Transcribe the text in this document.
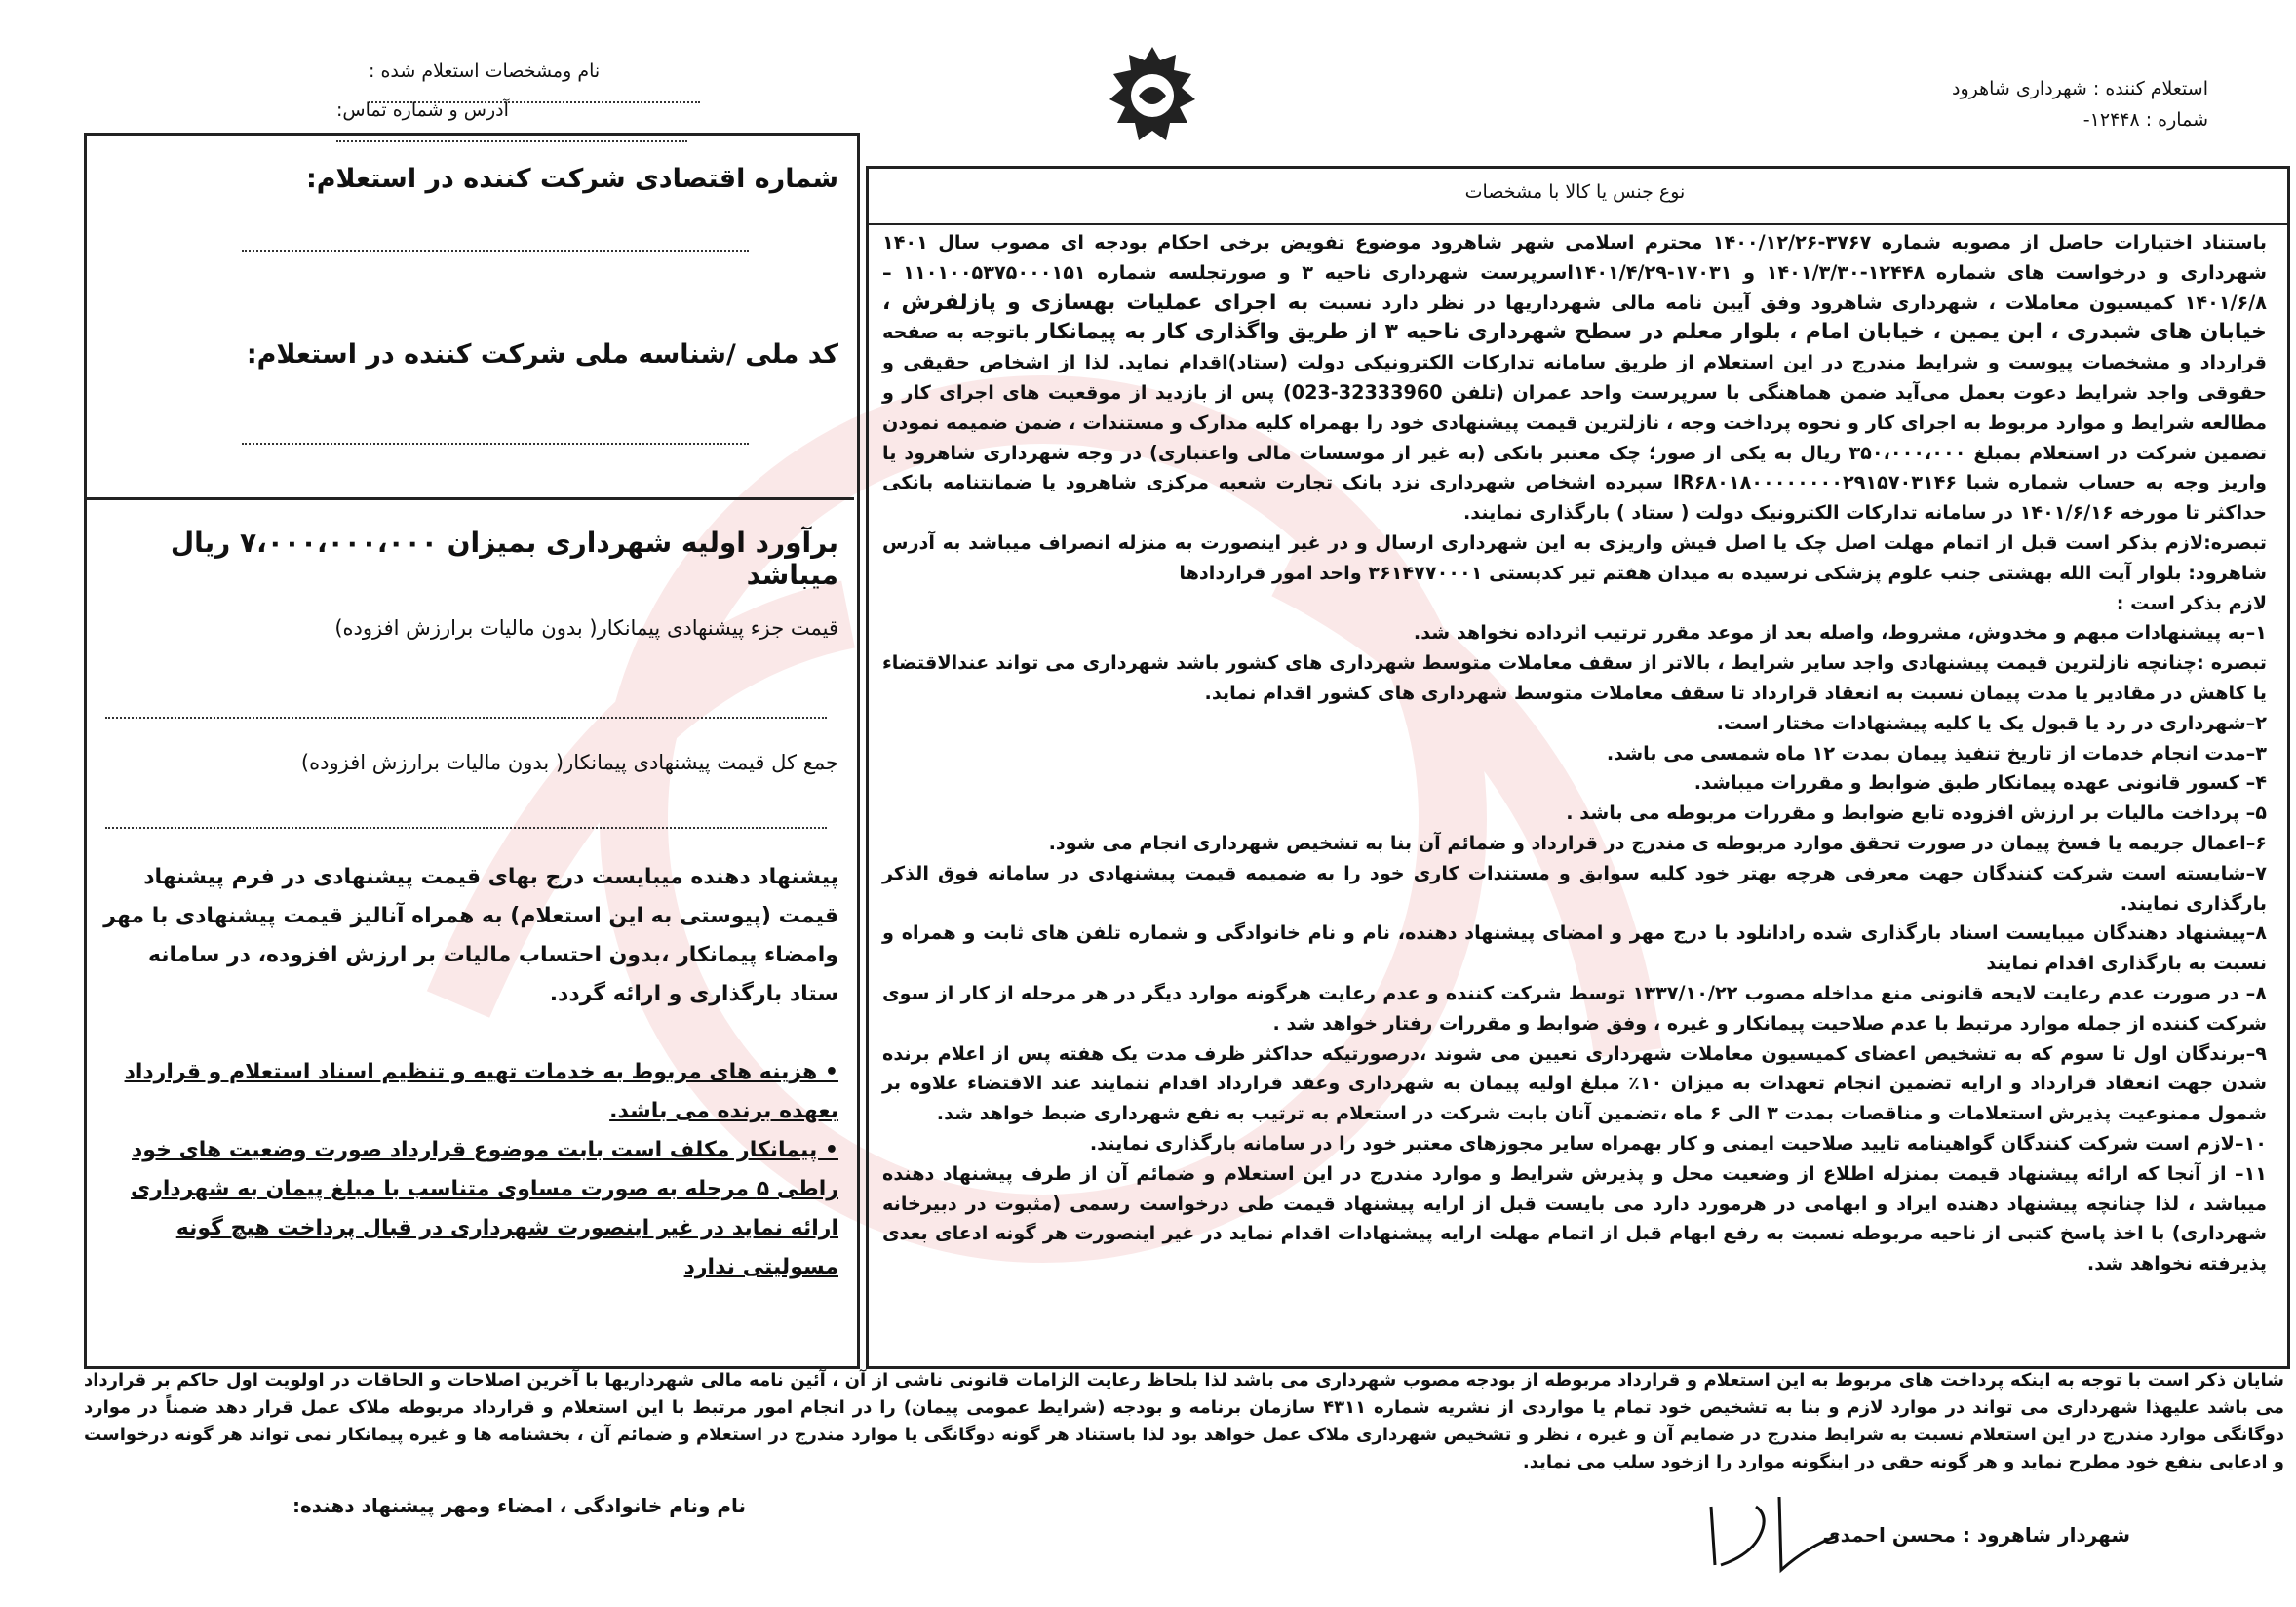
استعلام کننده : شهرداری شاهرود
شماره : ۱۲۴۴۸-
نام ومشخصات استعلام شده :
آدرس و شماره تماس:
نوع جنس یا کالا با مشخصات
شماره اقتصادی شرکت کننده در استعلام:
کد ملی /شناسه ملی شرکت کننده در استعلام:
برآورد اولیه شهرداری بمیزان ۷،۰۰۰،۰۰۰،۰۰۰ ریال میباشد
قیمت جزء پیشنهادی پیمانکار( بدون مالیات برارزش افزوده)
جمع کل قیمت پیشنهادی پیمانکار( بدون مالیات برارزش افزوده)
پیشنهاد دهنده میبایست درج بهای قیمت پیشنهادی در فرم پیشنهاد قیمت (پیوستی به این استعلام) به همراه آنالیز قیمت پیشنهادی با مهر وامضاء پیمانکار ،بدون احتساب مالیات بر ارزش افزوده، در سامانه ستاد بارگذاری و ارائه گردد.
• هزینه های مربوط به خدمات تهیه و تنظیم اسناد استعلام و قرارداد بعهده برنده می باشد.
• پیمانکار مکلف است بابت موضوع قرارداد صورت وضعیت های خود راطی ۵ مرحله به صورت مساوی متناسب با مبلغ پیمان به شهرداری ارائه نماید در غیر اینصورت شهرداری در قبال پرداخت هیچ گونه مسولیتی ندارد

باستناد اختیارات حاصل از مصوبه شماره ۳۷۶۷-۱۴۰۰/۱۲/۲۶ محترم اسلامی شهر شاهرود موضوع تفویض برخی احکام بودجه ای مصوب سال ۱۴۰۱ شهرداری و درخواست های شماره ۱۲۴۴۸-۱۴۰۱/۳/۳۰ و ۱۷۰۳۱-۱۴۰۱/۴/۲۹اسرپرست شهرداری ناحیه ۳ و صورتجلسه شماره ۱۱۰۱۰۰۵۳۷۵۰۰۰۱۵۱ – ۱۴۰۱/۶/۸ کمیسیون معاملات ، شهرداری شاهرود وفق آیین نامه مالی شهرداریها در نظر دارد نسبت به اجرای عملیات بهسازی و پازلفرش ، خیابان های شبدری ، ابن یمین ، خیابان امام ، بلوار معلم در سطح شهرداری ناحیه ۳ از طریق واگذاری کار به پیمانکار باتوجه به صفحه قرارداد و مشخصات پیوست و شرایط مندرج در این استعلام از طریق سامانه تدارکات الکترونیکی دولت (ستاد)اقدام نماید. لذا از اشخاص حقیقی و حقوقی واجد شرایط دعوت بعمل می‌آید ضمن هماهنگی با سرپرست واحد عمران (تلفن 32333960-023) پس از بازدید از موقعیت های اجرای کار و مطالعه شرایط و موارد مربوط به اجرای کار و نحوه پرداخت وجه ، نازلترین قیمت پیشنهادی خود را بهمراه کلیه مدارک و مستندات ، ضمن ضمیمه نمودن تضمین شرکت در استعلام بمبلغ ۳۵۰،۰۰۰،۰۰۰ ریال به یکی از صور؛ چک معتبر بانکی (به غیر از موسسات مالی واعتباری) در وجه شهرداری شاهرود یا واریز وجه به حساب شماره شبا IR۶۸۰۱۸۰۰۰۰۰۰۰۰۲۹۱۵۷۰۳۱۴۶ سپرده اشخاص شهرداری نزد بانک تجارت شعبه مرکزی شاهرود یا ضمانتنامه بانکی حداکثر تا مورخه ۱۴۰۱/۶/۱۶ در سامانه تدارکات الکترونیک دولت ( ستاد ) بارگذاری نمایند.

تبصره:لازم بذکر است قبل از اتمام مهلت اصل چک یا اصل فیش واریزی به این شهرداری ارسال و در غیر اینصورت به منزله انصراف میباشد به آدرس شاهرود: بلوار آیت الله بهشتی جنب علوم پزشکی نرسیده به میدان هفتم تیر کدپستی ۳۶۱۴۷۷۰۰۰۱ واحد امور قراردادها

لازم بذکر است :

۱–به پیشنهادات مبهم و مخدوش، مشروط، واصله بعد از موعد مقرر ترتیب اثرداده نخواهد شد.

تبصره :چنانچه نازلترین قیمت پیشنهادی واجد سایر شرایط ، بالاتر از سقف معاملات متوسط شهرداری های کشور باشد شهرداری می تواند عندالاقتضاء یا کاهش در مقادیر یا مدت پیمان نسبت به انعقاد قرارداد تا سقف معاملات متوسط شهرداری های کشور اقدام نماید.

۲–شهرداری در رد یا قبول یک یا کلیه پیشنهادات مختار است.

۳–مدت انجام خدمات از تاریخ تنفیذ پیمان بمدت ۱۲ ماه شمسی می باشد.

۴– کسور قانونی عهده پیمانکار طبق ضوابط و مقررات میباشد.

۵– پرداخت مالیات بر ارزش افزوده تابع ضوابط و مقررات مربوطه می باشد .

۶–اعمال جریمه یا فسخ پیمان در صورت تحقق موارد مربوطه ی مندرج در قرارداد و ضمائم آن بنا به تشخیص شهرداری انجام می شود.

۷–شایسته است شرکت کنندگان جهت معرفی هرچه بهتر خود کلیه سوابق و مستندات کاری خود را به ضمیمه قیمت پیشنهادی در سامانه فوق الذکر بارگذاری نمایند.

۸–پیشنهاد دهندگان میبایست اسناد بارگذاری شده رادانلود با درج مهر و امضای پیشنهاد دهنده، نام و نام خانوادگی و شماره تلفن های ثابت و همراه و نسبت به بارگذاری اقدام نمایند

۸– در صورت عدم رعایت لایحه قانونی منع مداخله مصوب ۱۳۳۷/۱۰/۲۲ توسط شرکت کننده و عدم رعایت هرگونه موارد دیگر در هر مرحله از کار از سوی شرکت کننده از جمله موارد مرتبط با عدم صلاحیت پیمانکار و غیره ، وفق ضوابط و مقررات رفتار خواهد شد .

۹–برندگان اول تا سوم که به تشخیص اعضای کمیسیون معاملات شهرداری تعیین می شوند ،درصورتیکه حداکثر ظرف مدت یک هفته پس از اعلام برنده شدن جهت انعقاد قرارداد و ارایه تضمین انجام تعهدات به میزان ۱۰٪ مبلغ اولیه پیمان به شهرداری وعقد قرارداد اقدام ننمایند عند الاقتضاء علاوه بر شمول ممنوعیت پذیرش استعلامات و مناقصات بمدت ۳ الی ۶ ماه ،تضمین آنان بابت شرکت در استعلام به ترتیب به نفع شهرداری ضبط خواهد شد.

۱۰–لازم است شرکت کنندگان گواهینامه تایید صلاحیت ایمنی و کار بهمراه سایر مجوزهای معتبر خود را در سامانه بارگذاری نمایند.

۱۱– از آنجا که ارائه پیشنهاد قیمت بمنزله اطلاع از وضعیت محل و پذیرش شرایط و موارد مندرج در این استعلام و ضمائم آن از طرف پیشنهاد دهنده میباشد ، لذا چنانچه پیشنهاد دهنده ایراد و ابهامی در هرمورد دارد می بایست قبل از ارایه پیشنهاد قیمت طی درخواست رسمی (مثبوت در دبیرخانه شهرداری) با اخذ پاسخ کتبی از ناحیه مربوطه نسبت به رفع ابهام قبل از اتمام مهلت ارایه پیشنهادات اقدام نماید در غیر اینصورت هر گونه ادعای بعدی پذیرفته نخواهد شد.

شایان ذکر است با توجه به اینکه پرداخت های مربوط به این استعلام و قرارداد مربوطه از بودجه مصوب شهرداری می باشد لذا بلحاظ رعایت الزامات قانونی ناشی از آن ، آئین نامه مالی شهرداریها با آخرین اصلاحات و الحاقات در اولویت اول حاکم بر قرارداد می باشد علیهذا شهرداری می تواند در موارد لازم و بنا به تشخیص خود تمام یا مواردی از نشریه شماره ۴۳۱۱ سازمان برنامه و بودجه (شرایط عمومی پیمان) را در انجام امور مرتبط با این استعلام و قرارداد مربوطه ملاک عمل قرار دهد ضمناً در موارد دوگانگی موارد مندرج در این استعلام نسبت به شرایط مندرج در ضمایم آن و غیره ، نظر و تشخیص شهرداری ملاک عمل خواهد بود لذا باستناد هر گونه دوگانگی یا موارد مندرج در استعلام و ضمائم آن ، بخشنامه ها و غیره پیمانکار نمی تواند هر گونه درخواست و ادعایی بنفع خود مطرح نماید و هر گونه حقی در اینگونه موارد را ازخود سلب می نماید.

نام ونام خانوادگی ، امضاء ومهر پیشنهاد دهنده:
شهردار شاهرود : محسن احمدی
